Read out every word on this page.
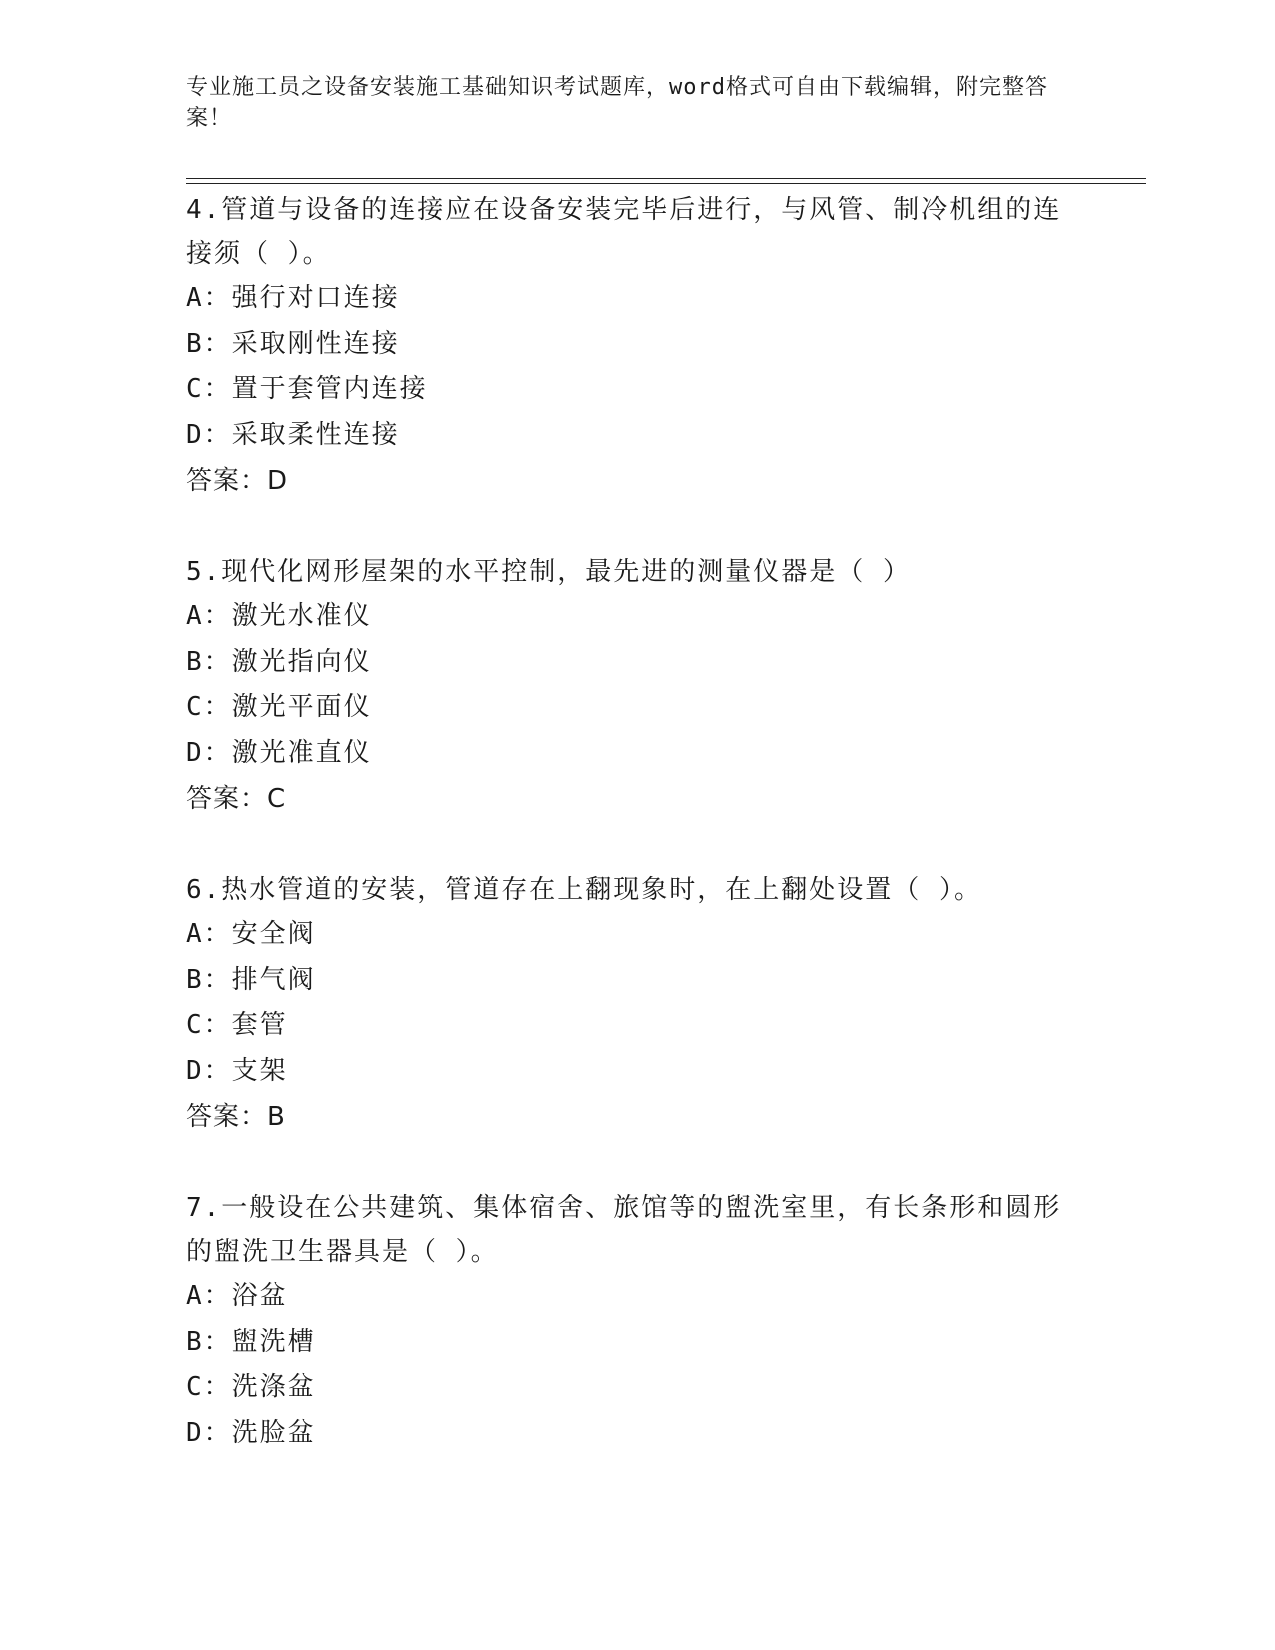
专业施工员之设备安装施工基础知识考试题库，word格式可自由下载编辑，附完整答案！
4.管道与设备的连接应在设备安装完毕后进行，与风管、制冷机组的连接须（ ）。
A：强行对口连接
B：采取刚性连接
C：置于套管内连接
D：采取柔性连接
答案：D
5.现代化网形屋架的水平控制，最先进的测量仪器是（ ）
A：激光水准仪
B：激光指向仪
C：激光平面仪
D：激光准直仪
答案：C
6.热水管道的安装，管道存在上翻现象时，在上翻处设置（ ）。
A：安全阀
B：排气阀
C：套管
D：支架
答案：B
7.一般设在公共建筑、集体宿舍、旅馆等的盥洗室里，有长条形和圆形的盥洗卫生器具是（ ）。
A：浴盆
B：盥洗槽
C：洗涤盆
D：洗脸盆
